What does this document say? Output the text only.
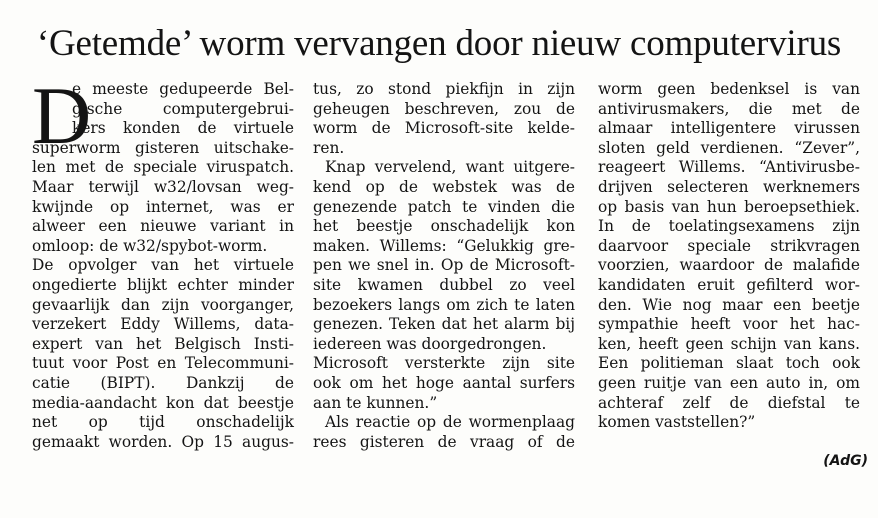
‘Getemde’ worm vervangen door nieuw computervirus
D
e meeste gedupeerde Bel-
gische computergebrui-
kers konden de virtuele
superworm gisteren uitschake-
len met de speciale viruspatch.
Maar terwijl w32/lovsan weg-
kwijnde op internet, was er
alweer een nieuwe variant in
omloop: de w32/spybot-worm.
De opvolger van het virtuele
ongedierte blijkt echter minder
gevaarlijk dan zijn voorganger,
verzekert Eddy Willems, data-
expert van het Belgisch Insti-
tuut voor Post en Telecommuni-
catie (BIPT). Dankzij de
media-aandacht kon dat beestje
net op tijd onschadelijk
gemaakt worden. Op 15 augus-
tus, zo stond piekfijn in zijn
geheugen beschreven, zou de
worm de Microsoft-site kelde-
ren.
Knap vervelend, want uitgere-
kend op de webstek was de
genezende patch te vinden die
het beestje onschadelijk kon
maken. Willems: “Gelukkig gre-
pen we snel in. Op de Microsoft-
site kwamen dubbel zo veel
bezoekers langs om zich te laten
genezen. Teken dat het alarm bij
iedereen was doorgedrongen.
Microsoft versterkte zijn site
ook om het hoge aantal surfers
aan te kunnen.”
Als reactie op de wormenplaag
rees gisteren de vraag of de
worm geen bedenksel is van
antivirusmakers, die met de
almaar intelligentere virussen
sloten geld verdienen. “Zever”,
reageert Willems. “Antivirusbe-
drijven selecteren werknemers
op basis van hun beroepsethiek.
In de toelatingsexamens zijn
daarvoor speciale strikvragen
voorzien, waardoor de malafide
kandidaten eruit gefilterd wor-
den. Wie nog maar een beetje
sympathie heeft voor het hac-
ken, heeft geen schijn van kans.
Een politieman slaat toch ook
geen ruitje van een auto in, om
achteraf zelf de diefstal te
komen vaststellen?”
(AdG)
